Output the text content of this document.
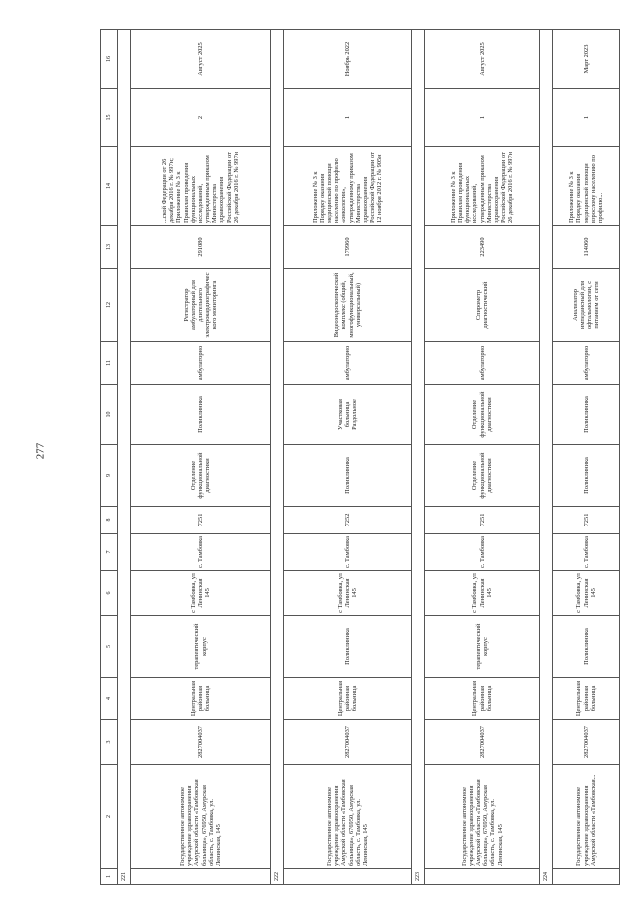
277
1	2	3	4	5	6	7	8	9	10	11	12	13	14	15	16
221															
	Государственное автономное учреждение здравоохранения Амурской области «Тамбовская больница», 676950, Амурская область, с. Тамбовка, ул. Ленинская, 145	2827004037	Центральная районная больница	терапевтический корпус	с Тамбовка, ул Ленинская 145	с. Тамбовка	7251	Отделение функциональной диагностики	Поликлиника	амбулаторно	Регистратор амбулаторный для длительного электрокардиографического мониторинга	291080	...ской Федерации от 26 декабря 2016 г. № 997н; Приложение № 3 к Правилам проведения функциональных исследований, утвержденным приказом Министерства здравоохранения Российской Федерации от 26 декабря 2016 г. № 997н	2	Август 2025
222															
	Государственное автономное учреждение здравоохранения Амурской области «Тамбовская больница», 676950, Амурская область, с. Тамбовка, ул. Ленинская, 145	2827004037	Центральная районная больница	Поликлиника	с Тамбовка, ул Ленинская 145	с. Тамбовка	7252	Поликлиника	Участковая больница Раздольное	амбулаторно	Видеоэндоскопический комплекс (общий, многофункциональный, универсальный)	179960	Приложение № 3 к Порядку оказания медицинской помощи населению по профилю «онкология», утвержденному приказом Министерства здравоохранения Российской Федерации от 12 ноября 2012 г. № 905н	1	Ноябрь 2022
223															
	Государственное автономное учреждение здравоохранения Амурской области «Тамбовская больница», 676950, Амурская область, с. Тамбовка, ул. Ленинская, 145	2827004037	Центральная районная больница	терапевтический корпус	с Тамбовка, ул Ленинская 145	с. Тамбовка	7251	Отделение функциональной диагностики	Отделение функциональной диагностики	амбулаторно	Спирометр диагностический	223490	Приложение № 3 к Правилам проведения функциональных исследований, утвержденным приказом Министерства здравоохранения Российской Федерации от 26 декабря 2016 г. № 997н	1	Август 2025
224															
	Государственное автономное учреждение здравоохранения Амурской области «Тамбовская...	2827004037	Центральная районная больница	Поликлиника	с Тамбовка, ул Ленинская 145	с. Тамбовка	7251	Поликлиника	Поликлиника	амбулаторно	Анализатор импедансный для офтальмологии, с питанием от сети	114060	Приложение № 3 к Порядку оказания медицинской помощи взрослому населению по профилю...	1	Март 2023
